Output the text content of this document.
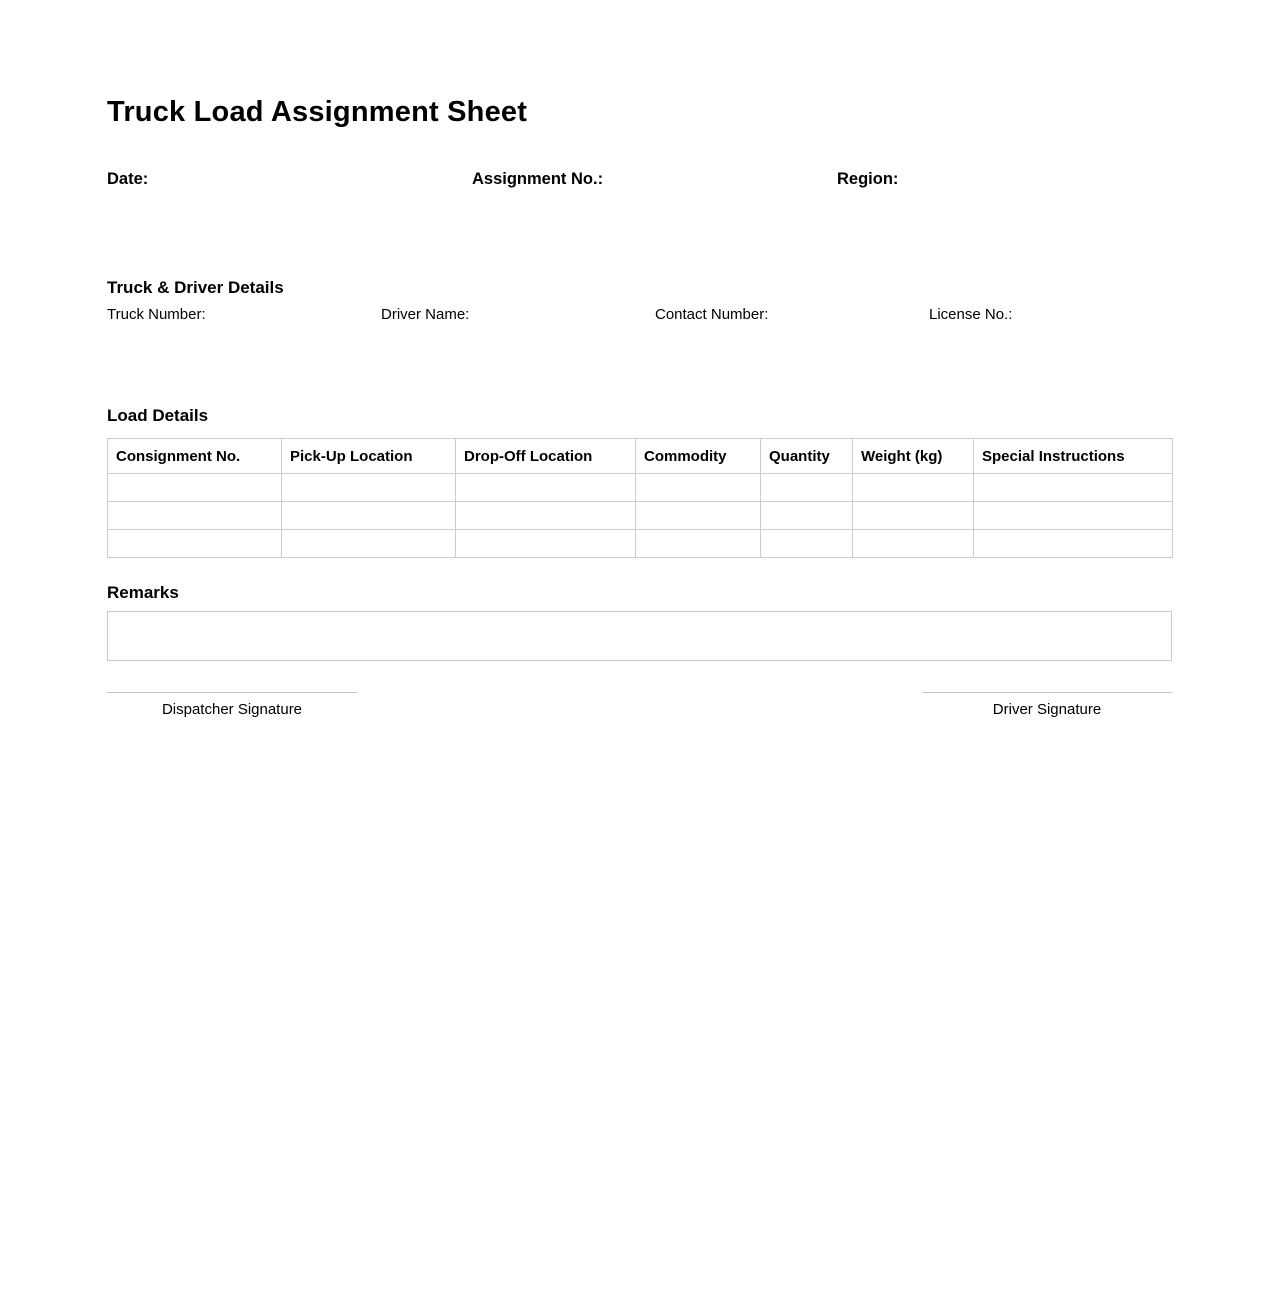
Truck Load Assignment Sheet
Date:	Assignment No.:	Region:
Truck & Driver Details
Truck Number:	Driver Name:	Contact Number:	License No.:
Load Details
Consignment No.	Pick-Up Location	Drop-Off Location	Commodity	Quantity	Weight (kg)	Special Instructions

Remarks
Dispatcher Signature	Driver Signature
